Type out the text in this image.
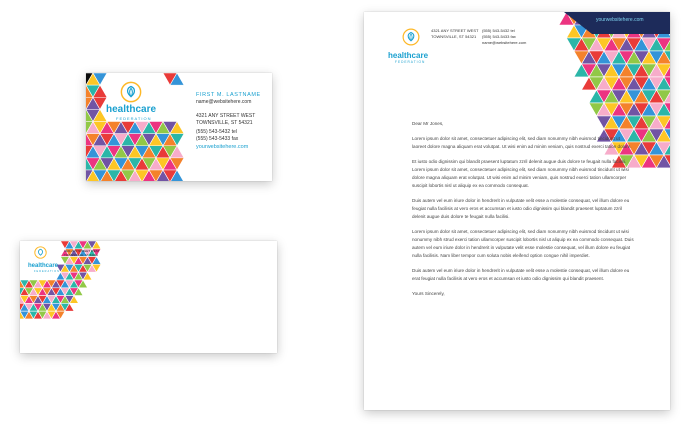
healthcare
FEDERATION
FIRST M. LASTNAME
name@websitehere.com
4321 ANY STREET WEST
TOWNSVILLE, ST 54321
(555) 543-5432 tel
(555) 543-5433 fax
yourwebsitehere.com
healthcare
FEDERATION
4321 ANY STREET WEST
TOWNSVILLE, ST 54321
healthcare
FEDERATION
4321 ANY STREET WEST
TOWNSVILLE, ST 54321
(555) 543-5432 tel
(555) 543-5433 fax
name@websitehere.com
yourwebsitehere.com

Dear Mr Jones,

Lorem ipsum dolor sit amet, consectetuer adipiscing elit, sed diam nonummy nibh euismod tincidunt ut laoreet dolore magna aliquam erat volutpat. Ut wisi enim ad minim veniam, quis nostrud exerci tation dolore.

Et iusto odio dignissim qui blandit praesent luptatum zzril delenit augue duis dolore te feugait nulla facilisi. Lorem ipsum dolor sit amet, consectetuer adipiscing elit, sed diam nonummy nibh euismod tincidunt ut wisi dolore magna aliquam erat volutpat. Ut wisi enim ad minim veniam, quis nostrud exerci tation ullamcorper suscipit lobortis nisl ut aliquip ex ea commodo consequat.

Duis autem vel eum iriure dolor in hendrerit in vulputate velit esse a molestie consequat, vel illum dolore eu feugiat nulla facilisis at vero eros et accumsan et iusto odio dignissim qui blandit praesent luptatum zzril delenit augue duis dolore te feugait nulla facilisi.

Lorem ipsum dolor sit amet, consectetuer adipiscing elit, sed diam nonummy nibh euismod tincidunt ut wisi nonummy nibh strud exerci tation ullamcorper suscipit lobortis nisl ut aliquip ex ea commodo consequat. Duis autem vel eum iriure dolor in hendrerit in vulputate velit esse molestie consequat, vel illum dolore eu feugiat nulla facilisis. Nam liber tempor cum soluta nobis eleifend option congue nihil imperdiet.

Duis autem vel eum iriure dolor in hendrerit in vulputate velit esse a molestie consequat, vel illum dolore eu erat feugiat nulla facilisis at vero eros et accumsan et iusto odio dignissim qui blandit praesent.

Yours Sincerely,
